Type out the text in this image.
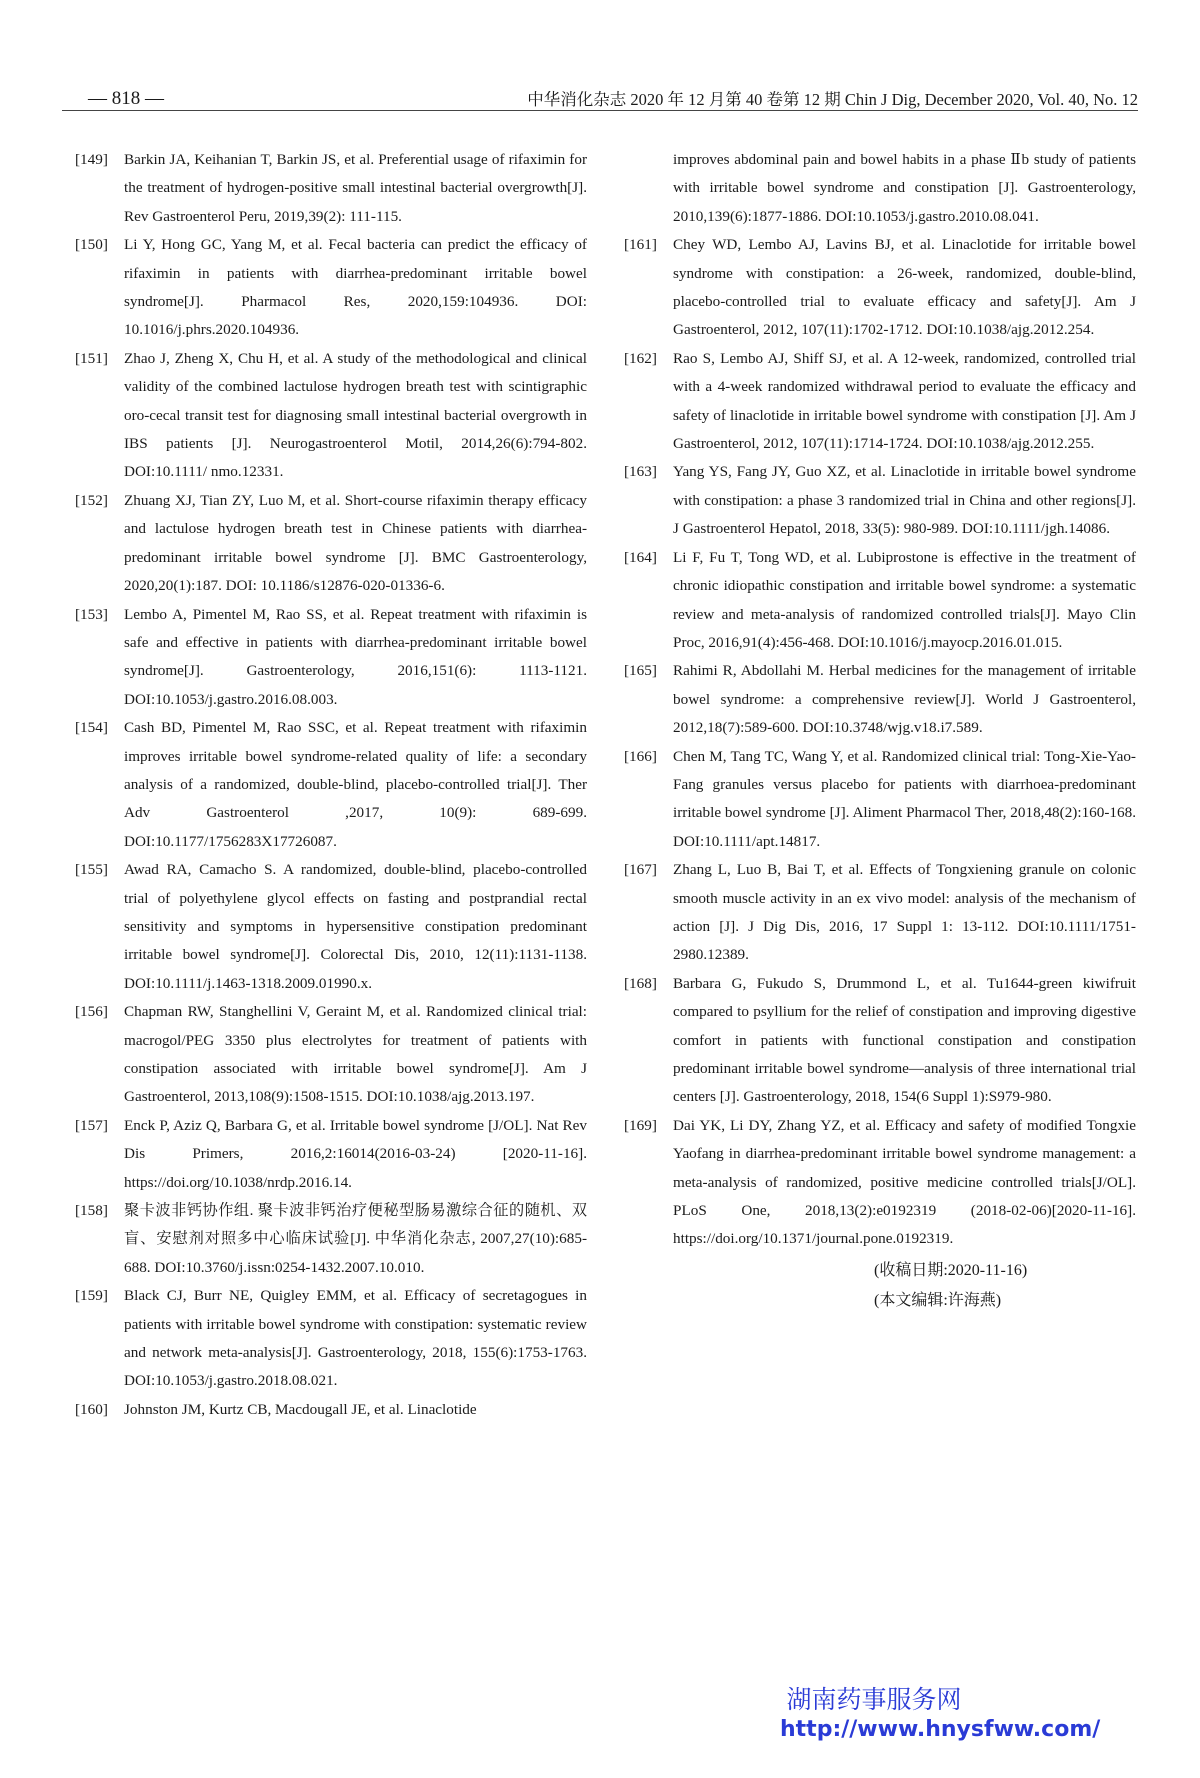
— 818 —	中华消化杂志 2020 年 12 月第 40 卷第 12 期 Chin J Dig, December 2020, Vol. 40, No. 12
[149] Barkin JA, Keihanian T, Barkin JS, et al. Preferential usage of rifaximin for the treatment of hydrogen-positive small intestinal bacterial overgrowth[J]. Rev Gastroenterol Peru, 2019,39(2): 111-115.
[150] Li Y, Hong GC, Yang M, et al. Fecal bacteria can predict the efficacy of rifaximin in patients with diarrhea-predominant irritable bowel syndrome[J]. Pharmacol Res, 2020,159:104936. DOI: 10.1016/j.phrs.2020.104936.
[151] Zhao J, Zheng X, Chu H, et al. A study of the methodological and clinical validity of the combined lactulose hydrogen breath test with scintigraphic oro-cecal transit test for diagnosing small intestinal bacterial overgrowth in IBS patients [J]. Neurogastroenterol Motil, 2014,26(6):794-802. DOI:10.1111/ nmo.12331.
[152] Zhuang XJ, Tian ZY, Luo M, et al. Short-course rifaximin therapy efficacy and lactulose hydrogen breath test in Chinese patients with diarrhea-predominant irritable bowel syndrome [J]. BMC Gastroenterology, 2020,20(1):187. DOI: 10.1186/s12876-020-01336-6.
[153] Lembo A, Pimentel M, Rao SS, et al. Repeat treatment with rifaximin is safe and effective in patients with diarrhea-predominant irritable bowel syndrome[J]. Gastroenterology, 2016,151(6): 1113-1121. DOI:10.1053/j.gastro.2016.08.003.
[154] Cash BD, Pimentel M, Rao SSC, et al. Repeat treatment with rifaximin improves irritable bowel syndrome-related quality of life: a secondary analysis of a randomized, double-blind, placebo-controlled trial[J]. Ther Adv Gastroenterol ,2017, 10(9): 689-699. DOI:10.1177/1756283X17726087.
[155] Awad RA, Camacho S. A randomized, double-blind, placebo-controlled trial of polyethylene glycol effects on fasting and postprandial rectal sensitivity and symptoms in hypersensitive constipation predominant irritable bowel syndrome[J]. Colorectal Dis, 2010, 12(11):1131-1138. DOI:10.1111/j.1463-1318.2009.01990.x.
[156] Chapman RW, Stanghellini V, Geraint M, et al. Randomized clinical trial: macrogol/PEG 3350 plus electrolytes for treatment of patients with constipation associated with irritable bowel syndrome[J]. Am J Gastroenterol, 2013,108(9):1508-1515. DOI:10.1038/ajg.2013.197.
[157] Enck P, Aziz Q, Barbara G, et al. Irritable bowel syndrome [J/OL]. Nat Rev Dis Primers, 2016,2:16014(2016-03-24) [2020-11-16]. https://doi.org/10.1038/nrdp.2016.14.
[158] 聚卡波非钙协作组. 聚卡波非钙治疗便秘型肠易激综合征的随机、双盲、安慰剂对照多中心临床试验[J]. 中华消化杂志, 2007,27(10):685-688. DOI:10.3760/j.issn:0254-1432.2007.10.010.
[159] Black CJ, Burr NE, Quigley EMM, et al. Efficacy of secretagogues in patients with irritable bowel syndrome with constipation: systematic review and network meta-analysis[J]. Gastroenterology, 2018, 155(6):1753-1763. DOI:10.1053/j.gastro.2018.08.021.
[160] Johnston JM, Kurtz CB, Macdougall JE, et al. Linaclotide
improves abdominal pain and bowel habits in a phase Ⅱb study of patients with irritable bowel syndrome and constipation [J]. Gastroenterology, 2010,139(6):1877-1886. DOI:10.1053/j.gastro.2010.08.041.
[161] Chey WD, Lembo AJ, Lavins BJ, et al. Linaclotide for irritable bowel syndrome with constipation: a 26-week, randomized, double-blind, placebo-controlled trial to evaluate efficacy and safety[J]. Am J Gastroenterol, 2012, 107(11):1702-1712. DOI:10.1038/ajg.2012.254.
[162] Rao S, Lembo AJ, Shiff SJ, et al. A 12-week, randomized, controlled trial with a 4-week randomized withdrawal period to evaluate the efficacy and safety of linaclotide in irritable bowel syndrome with constipation [J]. Am J Gastroenterol, 2012, 107(11):1714-1724. DOI:10.1038/ajg.2012.255.
[163] Yang YS, Fang JY, Guo XZ, et al. Linaclotide in irritable bowel syndrome with constipation: a phase 3 randomized trial in China and other regions[J]. J Gastroenterol Hepatol, 2018, 33(5): 980-989. DOI:10.1111/jgh.14086.
[164] Li F, Fu T, Tong WD, et al. Lubiprostone is effective in the treatment of chronic idiopathic constipation and irritable bowel syndrome: a systematic review and meta-analysis of randomized controlled trials[J]. Mayo Clin Proc, 2016,91(4):456-468. DOI:10.1016/j.mayocp.2016.01.015.
[165] Rahimi R, Abdollahi M. Herbal medicines for the management of irritable bowel syndrome: a comprehensive review[J]. World J Gastroenterol, 2012,18(7):589-600. DOI:10.3748/wjg.v18.i7.589.
[166] Chen M, Tang TC, Wang Y, et al. Randomized clinical trial: Tong-Xie-Yao-Fang granules versus placebo for patients with diarrhoea-predominant irritable bowel syndrome [J]. Aliment Pharmacol Ther, 2018,48(2):160-168. DOI:10.1111/apt.14817.
[167] Zhang L, Luo B, Bai T, et al. Effects of Tongxiening granule on colonic smooth muscle activity in an ex vivo model: analysis of the mechanism of action [J]. J Dig Dis, 2016, 17 Suppl 1: 13-112. DOI:10.1111/1751-2980.12389.
[168] Barbara G, Fukudo S, Drummond L, et al. Tu1644-green kiwifruit compared to psyllium for the relief of constipation and improving digestive comfort in patients with functional constipation and constipation predominant irritable bowel syndrome—analysis of three international trial centers [J]. Gastroenterology, 2018, 154(6 Suppl 1):S979-980.
[169] Dai YK, Li DY, Zhang YZ, et al. Efficacy and safety of modified Tongxie Yaofang in diarrhea-predominant irritable bowel syndrome management: a meta-analysis of randomized, positive medicine controlled trials[J/OL]. PLoS One, 2018,13(2):e0192319 (2018-02-06)[2020-11-16]. https://doi.org/10.1371/journal.pone.0192319.
(收稿日期:2020-11-16)
(本文编辑:许海燕)
湖南药事服务网
http://www.hnysfww.com/
